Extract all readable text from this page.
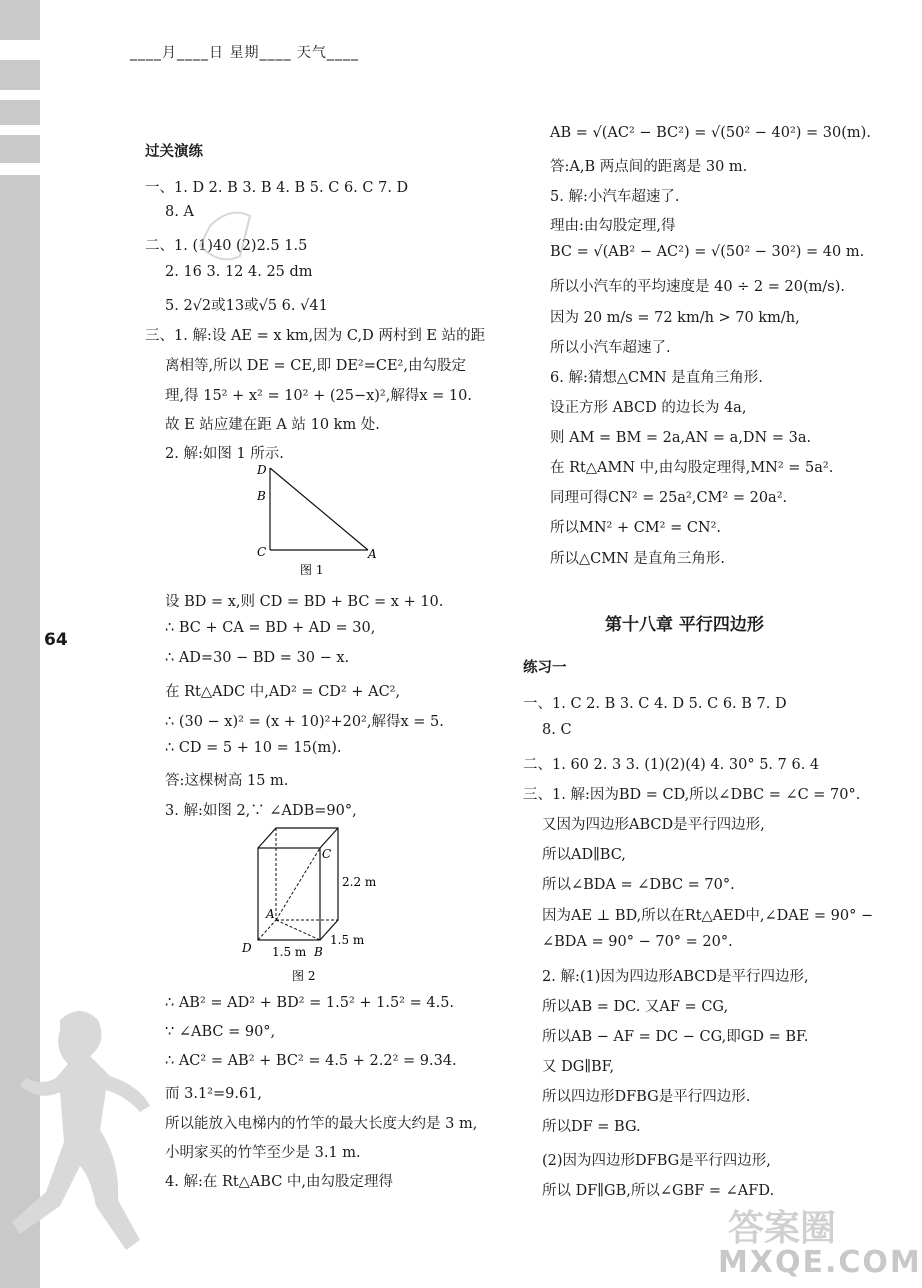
64
____月____日 星期____ 天气____
过关演练
一、1. D 2. B 3. B 4. B 5. C 6. C 7. D
8. A
二、1. (1)40 (2)2.5 1.5
2. 16 3. 12 4. 25 dm
5. 2√2或13或√5 6. √41
三、1. 解:设 AE = x km,因为 C,D 两村到 E 站的距
离相等,所以 DE = CE,即 DE²=CE²,由勾股定
理,得 15² + x² = 10² + (25−x)²,解得x = 10.
故 E 站应建在距 A 站 10 km 处.
2. 解:如图 1 所示.
设 BD = x,则 CD = BD + BC = x + 10.
∴ BC + CA = BD + AD = 30,
∴ AD=30 − BD = 30 − x.
在 Rt△ADC 中,AD² = CD² + AC²,
∴ (30 − x)² = (x + 10)²+20²,解得x = 5.
∴ CD = 5 + 10 = 15(m).
答:这棵树高 15 m.
3. 解:如图 2,∵ ∠ADB=90°,
∴ AB² = AD² + BD² = 1.5² + 1.5² = 4.5.
∵ ∠ABC = 90°,
∴ AC² = AB² + BC² = 4.5 + 2.2² = 9.34.
而 3.1²=9.61,
所以能放入电梯内的竹竿的最大长度大约是 3 m,
小明家买的竹竿至少是 3.1 m.
4. 解:在 Rt△ABC 中,由勾股定理得
AB = √(AC² − BC²) = √(50² − 40²) = 30(m).
答:A,B 两点间的距离是 30 m.
5. 解:小汽车超速了.
理由:由勾股定理,得
BC = √(AB² − AC²) = √(50² − 30²) = 40 m.
所以小汽车的平均速度是 40 ÷ 2 = 20(m/s).
因为 20 m/s = 72 km/h > 70 km/h,
所以小汽车超速了.
6. 解:猜想△CMN 是直角三角形.
设正方形 ABCD 的边长为 4a,
则 AM = BM = 2a,AN = a,DN = 3a.
在 Rt△AMN 中,由勾股定理得,MN² = 5a².
同理可得CN² = 25a²,CM² = 20a².
所以MN² + CM² = CN².
所以△CMN 是直角三角形.
第十八章 平行四边形
练习一
一、1. C 2. B 3. C 4. D 5. C 6. B 7. D
8. C
二、1. 60 2. 3 3. (1)(2)(4) 4. 30° 5. 7 6. 4
三、1. 解:因为BD = CD,所以∠DBC = ∠C = 70°.
又因为四边形ABCD是平行四边形,
所以AD∥BC,
所以∠BDA = ∠DBC = 70°.
因为AE ⊥ BD,所以在Rt△AED中,∠DAE = 90° −
∠BDA = 90° − 70° = 20°.
2. 解:(1)因为四边形ABCD是平行四边形,
所以AB = DC. 又AF = CG,
所以AB − AF = DC − CG,即GD = BF.
又 DG∥BF,
所以四边形DFBG是平行四边形.
所以DF = BG.
(2)因为四边形DFBG是平行四边形,
所以 DF∥GB,所以∠GBF = ∠AFD.
D
B
C	A
图 1
C
A
D	B
2.2 m
1.5 m
1.5 m
图 2
答案圈
MXQE.COM
